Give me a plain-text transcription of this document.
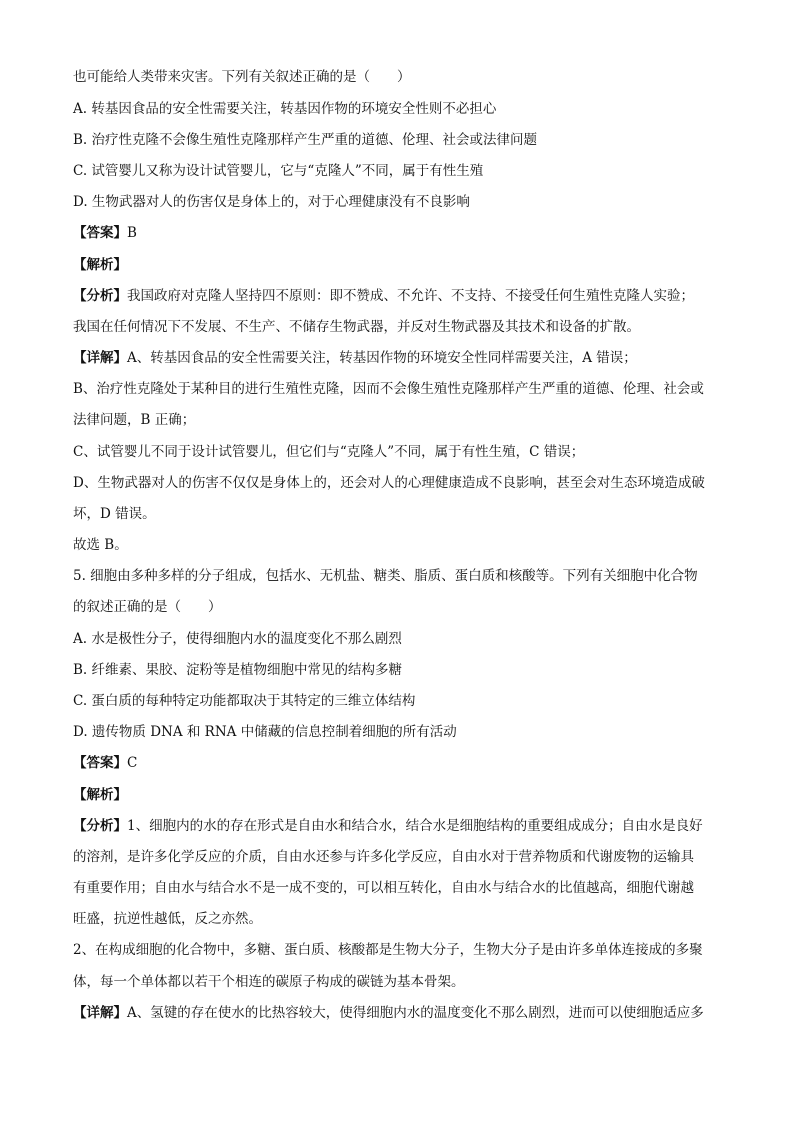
也可能给人类带来灾害。下列有关叙述正确的是（　　）
A. 转基因食品的安全性需要关注，转基因作物的环境安全性则不必担心
B. 治疗性克隆不会像生殖性克隆那样产生严重的道德、伦理、社会或法律问题
C. 试管婴儿又称为设计试管婴儿，它与“克隆人”不同，属于有性生殖
D. 生物武器对人的伤害仅是身体上的，对于心理健康没有不良影响
【答案】B
【解析】
【分析】我国政府对克隆人坚持四不原则：即不赞成、不允许、不支持、不接受任何生殖性克隆人实验；
我国在任何情况下不发展、不生产、不储存生物武器，并反对生物武器及其技术和设备的扩散。
【详解】A、转基因食品的安全性需要关注，转基因作物的环境安全性同样需要关注，A 错误；
B、治疗性克隆处于某种目的进行生殖性克隆，因而不会像生殖性克隆那样产生严重的道德、伦理、社会或
法律问题，B 正确；
C、试管婴儿不同于设计试管婴儿，但它们与“克隆人”不同，属于有性生殖，C 错误；
D、生物武器对人的伤害不仅仅是身体上的，还会对人的心理健康造成不良影响，甚至会对生态环境造成破
坏，D 错误。
故选 B。
5. 细胞由多种多样的分子组成，包括水、无机盐、糖类、脂质、蛋白质和核酸等。下列有关细胞中化合物
的叙述正确的是（　　）
A. 水是极性分子，使得细胞内水的温度变化不那么剧烈
B. 纤维素、果胶、淀粉等是植物细胞中常见的结构多糖
C. 蛋白质的每种特定功能都取决于其特定的三维立体结构
D. 遗传物质 DNA 和 RNA 中储藏的信息控制着细胞的所有活动
【答案】C
【解析】
【分析】1、细胞内的水的存在形式是自由水和结合水，结合水是细胞结构的重要组成成分；自由水是良好
的溶剂，是许多化学反应的介质，自由水还参与许多化学反应，自由水对于营养物质和代谢废物的运输具
有重要作用；自由水与结合水不是一成不变的，可以相互转化，自由水与结合水的比值越高，细胞代谢越
旺盛，抗逆性越低，反之亦然。
2、在构成细胞的化合物中，多糖、蛋白质、核酸都是生物大分子，生物大分子是由许多单体连接成的多聚
体，每一个单体都以若干个相连的碳原子构成的碳链为基本骨架。
【详解】A、氢键的存在使水的比热容较大，使得细胞内水的温度变化不那么剧烈，进而可以使细胞适应多
